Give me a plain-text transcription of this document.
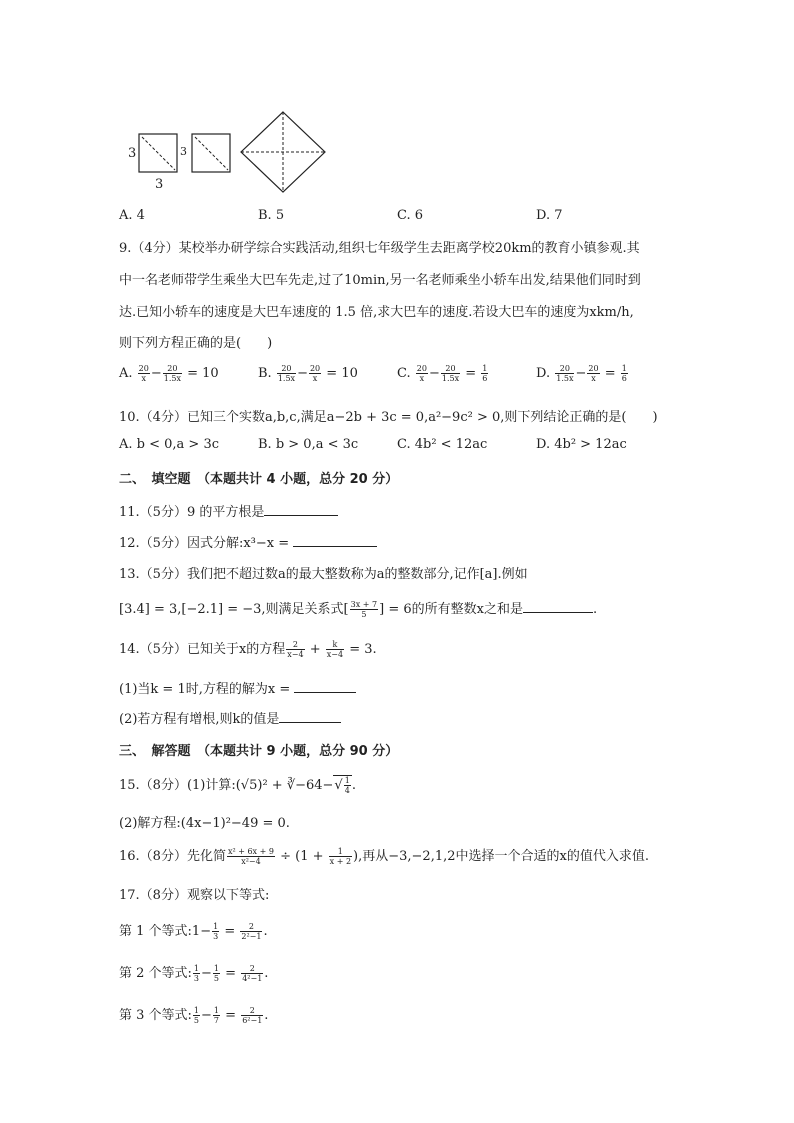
3
3
3
A. 4	B. 5	C. 6	D. 7
9.（4分）某校举办研学综合实践活动,组织七年级学生去距离学校20km的教育小镇参观.其
中一名老师带学生乘坐大巴车先走,过了10min,另一名老师乘坐小轿车出发,结果他们同时到
达.已知小轿车的速度是大巴车速度的 1.5 倍,求大巴车的速度.若设大巴车的速度为xkm/h,
则下列方程正确的是(　　)
A. $\frac{20}{x} - \frac{20}{1.5x} = 10$	B. $\frac{20}{1.5x} - \frac{20}{x} = 10$	C. $\frac{20}{x} - \frac{20}{1.5x} = \frac{1}{6}$	D. $\frac{20}{1.5x} - \frac{20}{x} = \frac{1}{6}$
10.（4分）已知三个实数a,b,c,满足a−2b + 3c = 0,a²−9c² > 0,则下列结论正确的是(　　)
A. b < 0,a > 3c	B. b > 0,a < 3c	C. 4b² < 12ac	D. 4b² > 12ac
二、　填空题　（本题共计 4 小题，总分 20 分）
11.（5分）9 的平方根是
12.（5分）因式分解:x³−x =
13.（5分）我们把不超过数a的最大整数称为a的整数部分,记作[a].例如
[3.4] = 3,[−2.1] = −3,则满足关系式[ $\frac{3x + 7}{5}$ ] = 6的所有整数x之和是	.
14.（5分）已知关于x的方程 $\frac{2}{x-4} + \frac{k}{x-4} = 3$.
(1)当k = 1时,方程的解为x =
(2)若方程有增根,则k的值是
三、　解答题　（本题共计 9 小题，总分 90 分）
15.（8分）(1)计算:(√5)² + ∛−64−√ $\frac{1}{4}$ .
(2)解方程:(4x−1)²−49 = 0.
16.（8分）先化简 $\frac{\text{x² + 6x + 9}}{\text{x²−4}} \div (1 + \frac{1}{x + 2}$ ),再从−3,−2,1,2中选择一个合适的x的值代入求值.
17.（8分）观察以下等式:
第 1 个等式:1− $\frac{1}{3} = \frac{2}{\text{2²−1}}$ .
第 2 个等式: $\frac{1}{3} - \frac{1}{5} = \frac{2}{\text{4²−1}}$ .
第 3 个等式: $\frac{1}{5} - \frac{1}{7} = \frac{2}{\text{6²−1}}$ .
